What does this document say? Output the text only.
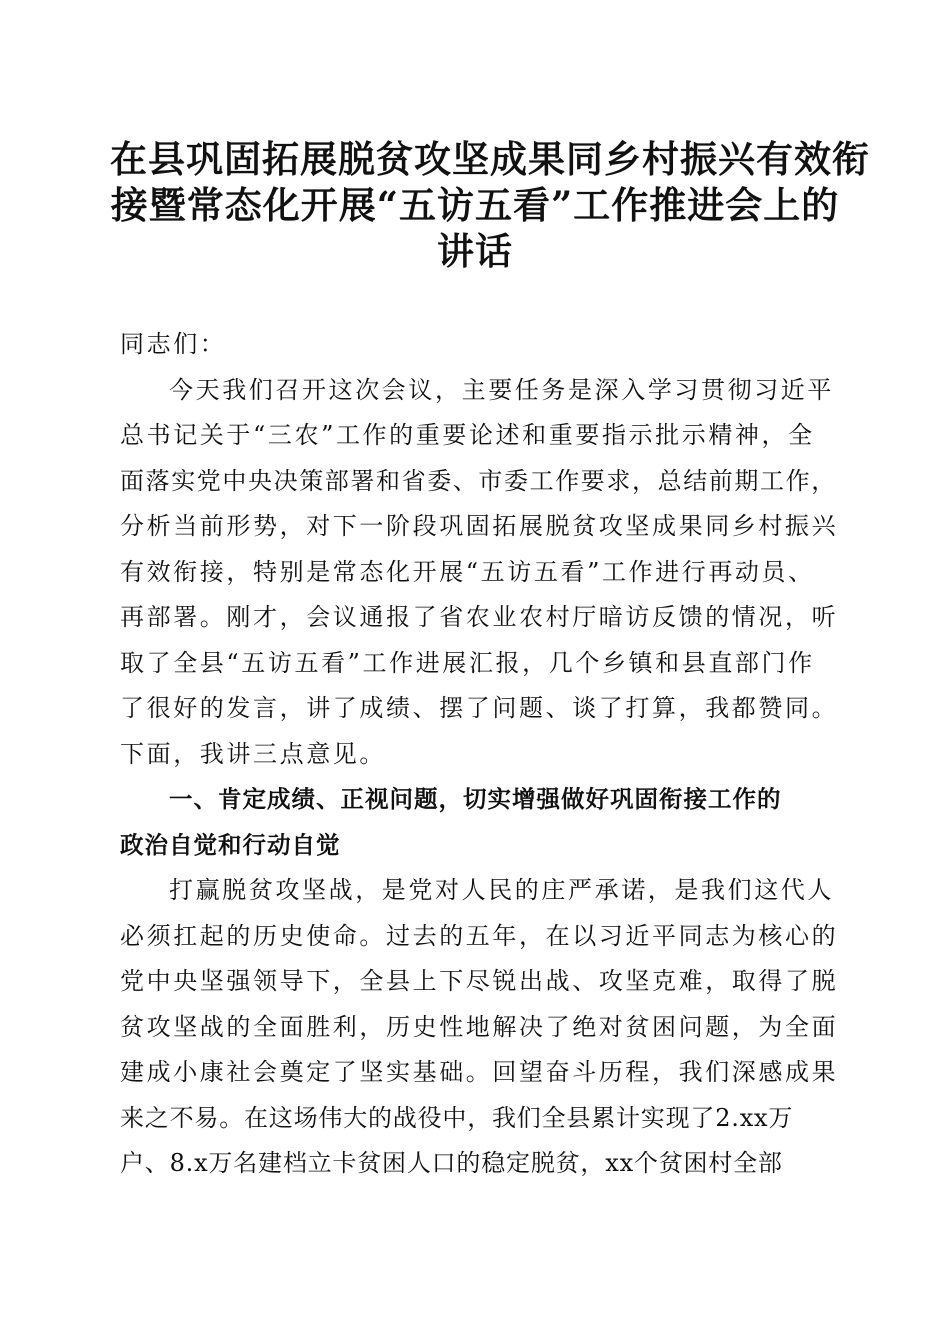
在县巩固拓展脱贫攻坚成果同乡村振兴有效衔
接暨常态化开展“五访五看”工作推进会上的
讲话
同志们：
今天我们召开这次会议，主要任务是深入学习贯彻习近平
总书记关于“三农”工作的重要论述和重要指示批示精神，全
面落实党中央决策部署和省委、市委工作要求，总结前期工作，
分析当前形势，对下一阶段巩固拓展脱贫攻坚成果同乡村振兴
有效衔接，特别是常态化开展“五访五看”工作进行再动员、
再部署。刚才，会议通报了省农业农村厅暗访反馈的情况，听
取了全县“五访五看”工作进展汇报，几个乡镇和县直部门作
了很好的发言，讲了成绩、摆了问题、谈了打算，我都赞同。
下面，我讲三点意见。
一、肯定成绩、正视问题，切实增强做好巩固衔接工作的
政治自觉和行动自觉
打赢脱贫攻坚战，是党对人民的庄严承诺，是我们这代人
必须扛起的历史使命。过去的五年，在以习近平同志为核心的
党中央坚强领导下，全县上下尽锐出战、攻坚克难，取得了脱
贫攻坚战的全面胜利，历史性地解决了绝对贫困问题，为全面
建成小康社会奠定了坚实基础。回望奋斗历程，我们深感成果
来之不易。在这场伟大的战役中，我们全县累计实现了2.xx万
户、8.x万名建档立卡贫困人口的稳定脱贫，xx个贫困村全部
